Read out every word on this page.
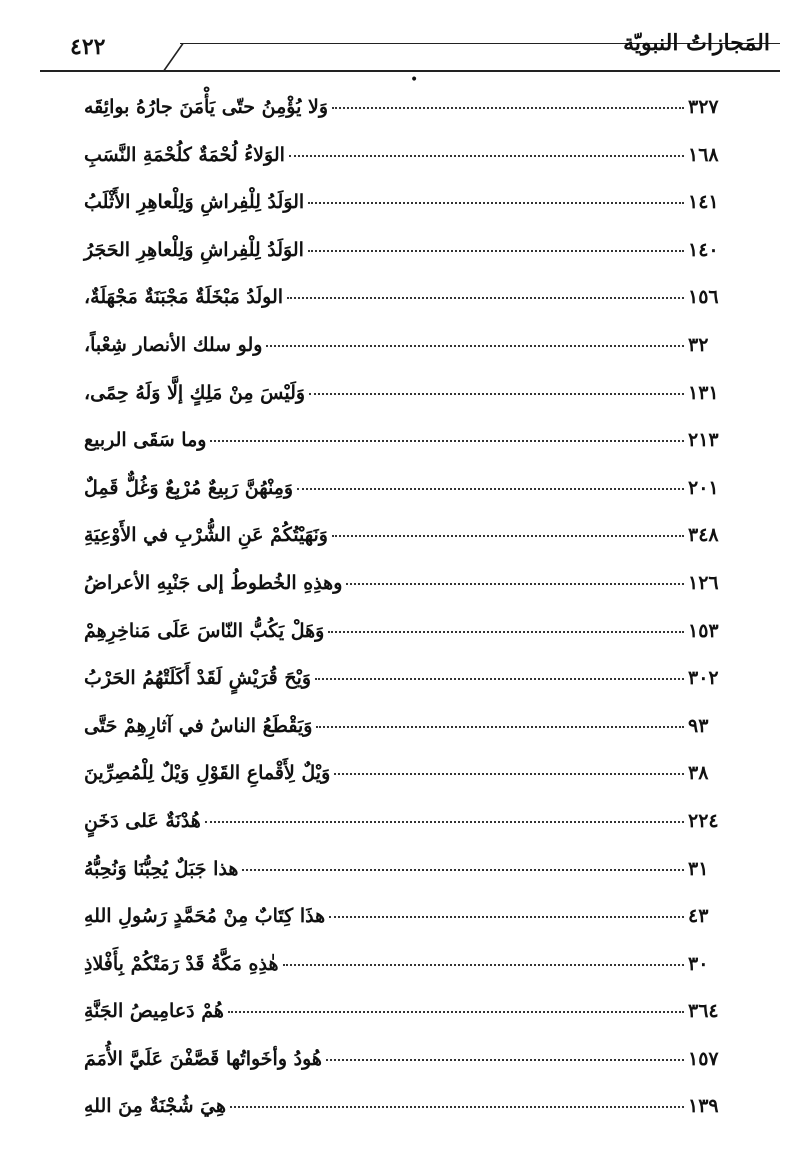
المَجازاتُ النبويّة
٤٢٢
•
وَلا يُؤْمِنُ حتّى يَأْمَنَ جارُهُ بوائِقَه	٣٢٧
الوَلاءُ لُحْمَةٌ كلُحْمَةِ النَّسَبِ	١٦٨
الوَلَدُ لِلْفِراشِ وَلِلْعاهِرِ الأَثْلَبُ	١٤١
الوَلَدُ لِلْفِراشِ وَلِلْعاهِرِ الحَجَرُ	١٤٠
الولَدُ مَبْخَلَةٌ مَجْبَنَةٌ مَجْهَلَةٌ،	١٥٦
ولو سلك الأنصار شِعْباً،	٣٢
وَلَيْسَ مِنْ مَلِكٍ إلَّا وَلَهُ حِمًى،	١٣١
وما سَقَى الربيع	٢١٣
وَمِنْهُنَّ رَبِيعٌ مُرْبِعٌ وَغُلٌّ قَمِلٌ	٢٠١
وَنَهَيْتُكُمْ عَنِ الشُّرْبِ في الأَوْعِيَةِ	٣٤٨
وهذِهِ الخُطوطُ إلى جَنْبِهِ الأعراضُ	١٢٦
وَهَلْ يَكُبُّ النّاسَ عَلَى مَناخِرِهِمْ	١٥٣
وَيْحَ قُرَيْشٍ لَقَدْ أَكَلَتْهُمُ الحَرْبُ	٣٠٢
وَيَقْطَعُ الناسُ في آثارِهِمْ حَتَّى	٩٣
وَيْلٌ لِأَقْماعِ القَوْلِ وَيْلٌ لِلْمُصِرِّينَ	٣٨
هُدْنَةٌ عَلى دَخَنٍ	٢٢٤
هذا جَبَلٌ يُحِبُّنَا وَنُحِبُّهُ	٣١
هذَا كِتَابٌ مِنْ مُحَمَّدٍ رَسُولِ اللهِ	٤٣
هٰذِهِ مَكَّةُ قَدْ رَمَتْكُمْ بِأَفْلاذِ	٣٠
هُمْ دَعامِيصُ الجَنَّةِ	٣٦٤
هُودُ وأخَواتُها قَصَّفْنَ عَلَيَّ الأُمَمَ	١٥٧
هِيَ شُجْنَةٌ مِنَ اللهِ	١٣٩
